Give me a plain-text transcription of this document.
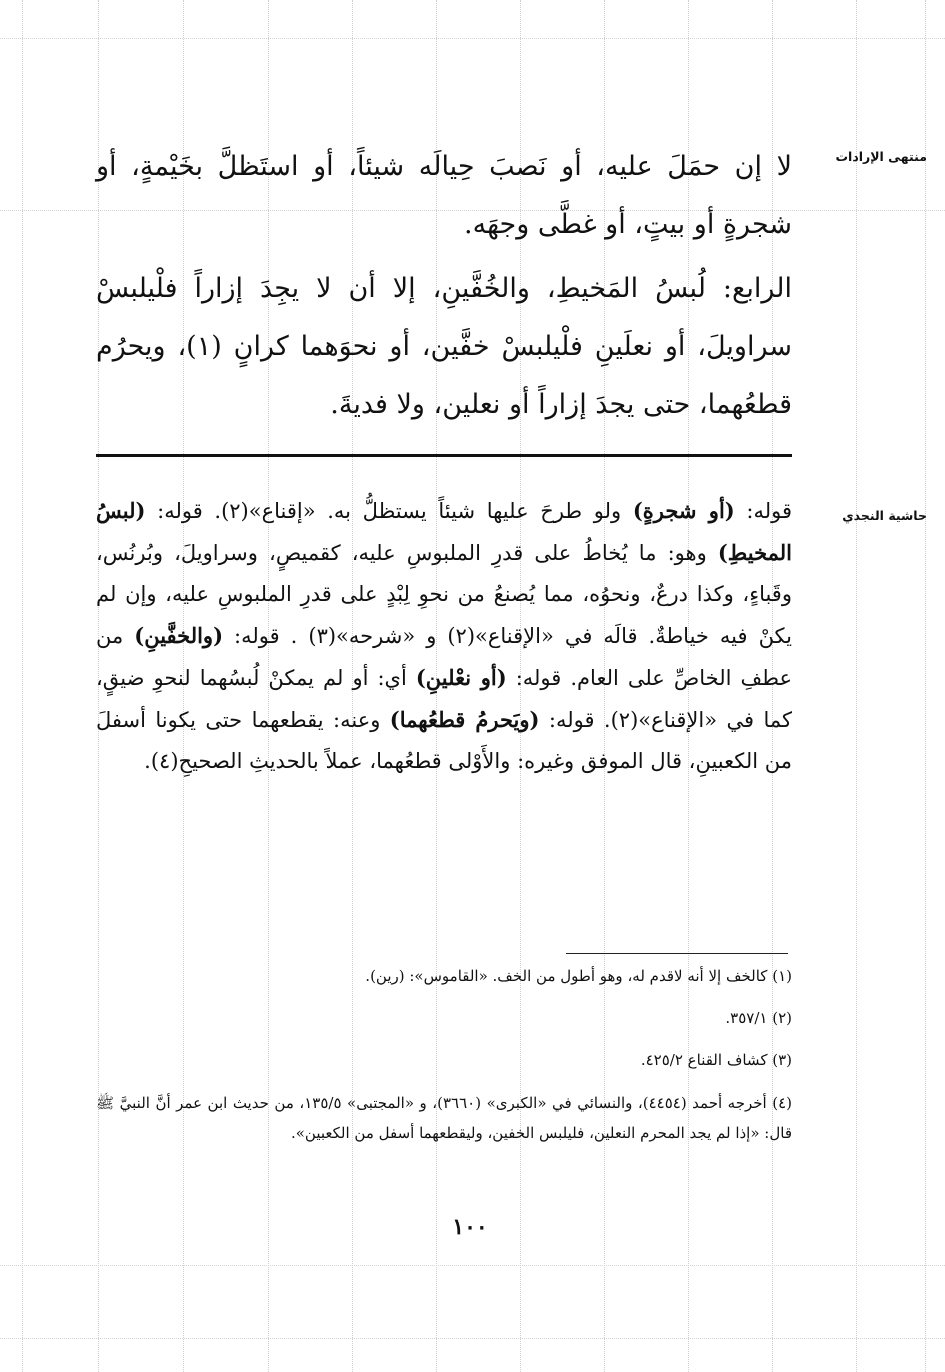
منتهى الإرادات
حاشية النجدي

لا إن حمَلَ عليه، أو نَصبَ حِيالَه شيئاً، أو استَظلَّ بخَيْمةٍ، أو شجرةٍ أو بيتٍ، أو غطَّى وجهَه.

الرابع: لُبسُ المَخيطِ، والخُفَّينِ، إلا أن لا يجِدَ إزاراً فلْيلبسْ سراويلَ، أو نعلَينِ فلْيلبسْ خفَّين، أو نحوَهما كرانٍ (١)، ويحرُم قطعُهما، حتى يجدَ إزاراً أو نعلين، ولا فديةَ.

قوله: (أو شجرةٍ) ولو طرحَ عليها شيئاً يستظلُّ به. «إقناع»(٢). قوله: (لبسُ المخيطِ) وهو: ما يُخاطُ على قدرِ الملبوسِ عليه، كقميصٍ، وسراويلَ، وبُرنُس، وقَباءٍ، وكذا درعٌ، ونحوُه، مما يُصنعُ من نحوِ لِبْدٍ على قدرِ الملبوسِ عليه، وإن لم يكنْ فيه خياطةٌ. قالَه في «الإقناع»(٢) و «شرحه»(٣) . قوله: (والخفَّينِ) من عطفِ الخاصِّ على العام. قوله: (أو نعْلينِ) أي: أو لم يمكنْ لُبسُهما لنحوِ ضيقٍ، كما في «الإقناع»(٢). قوله: (ويَحرمُ قطعُهما) وعنه: يقطعهما حتى يكونا أسفلَ من الكعبينِ، قال الموفق وغيره: والأَوْلى قطعُهما، عملاً بالحديثِ الصحيحِ(٤).

(١) كالخف إلا أنه لاقدم له، وهو أطول من الخف. «القاموس»: (رين).

(٢) ٣٥٧/١.

(٣) كشاف القناع ٤٢٥/٢.

(٤) أخرجه أحمد (٤٤٥٤)، والنسائي في «الكبرى» (٣٦٦٠)، و «المجتبى» ١٣٥/٥، من حديث ابن عمر أنَّ النبيَّ ﷺ قال: «إذا لم يجد المحرم النعلين، فليلبس الخفين، وليقطعهما أسفل من الكعبين».

١٠٠
